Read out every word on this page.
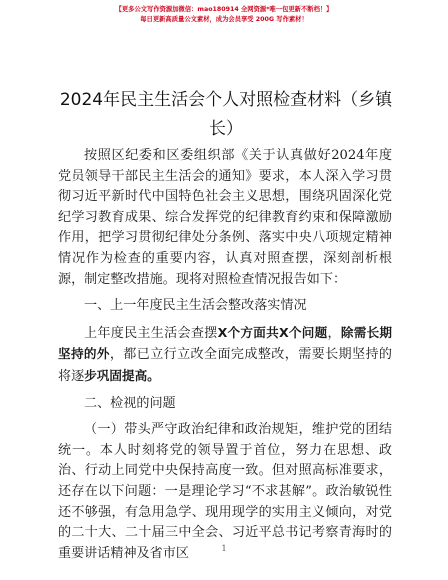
【更多公文写作资源加微信：mao180914 全网资源*唯一包更新不断档！】
每日更新高质量公文素材，成为会员享受 200G 写作素材！
2024年民主生活会个人对照检查材料（乡镇长）

按照区纪委和区委组织部《关于认真做好2024年度党员领导干部民主生活会的通知》要求，本人深入学习贯彻习近平新时代中国特色社会主义思想，围绕巩固深化党纪学习教育成果、综合发挥党的纪律教育约束和保障激励作用，把学习贯彻纪律处分条例、落实中央八项规定精神情况作为检查的重要内容，认真对照查摆，深刻剖析根源，制定整改措施。现将对照检查情况报告如下：

一、上一年度民主生活会整改落实情况

上年度民主生活会查摆X个方面共X个问题，除需长期坚持的外，都已立行立改全面完成整改，需要长期坚持的将逐步巩固提高。

二、检视的问题

（一）带头严守政治纪律和政治规矩，维护党的团结统一。本人时刻将党的领导置于首位，努力在思想、政治、行动上同党中央保持高度一致。但对照高标准要求，还存在以下问题：一是理论学习“不求甚解”。政治敏锐性还不够强，有急用急学、现用现学的实用主义倾向，对党的二十大、二十届三中全会、习近平总书记考察青海时的重要讲话精神及省市区	1
